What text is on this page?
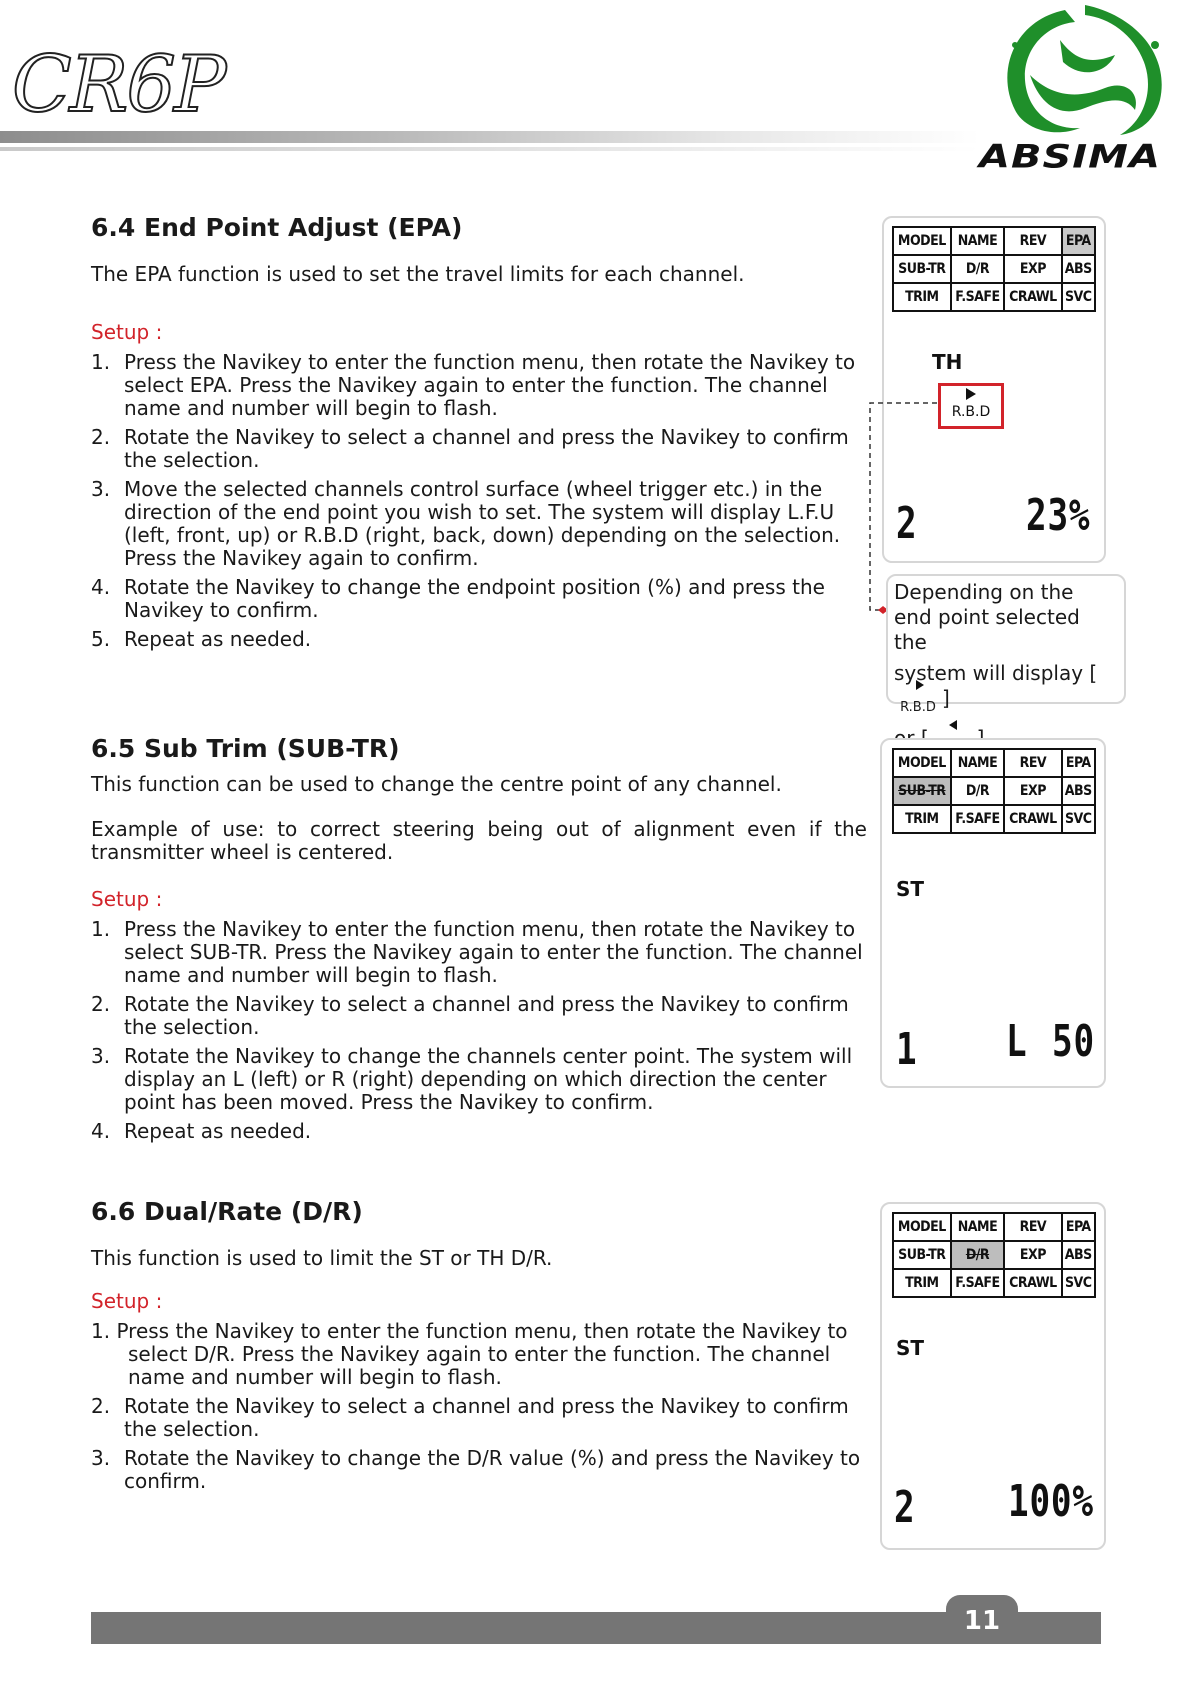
CR6P
ABSIMA
6.4 End Point Adjust (EPA)

The EPA function is used to set the travel limits for each channel.

Setup :
1. Press the Navikey to enter the function menu, then rotate the Navikey to select EPA. Press the Navikey again to enter the function. The channel name and number will begin to flash.
2. Rotate the Navikey to select a channel and press the Navikey to confirm the selection.
3. Move the selected channels control surface (wheel trigger etc.) in the direction of the end point you wish to set. The system will display L.F.U (left, front, up) or R.B.D (right, back, down) depending on the selection. Press the Navikey again to confirm.
4. Rotate the Navikey to change the endpoint position (%) and press the Navikey to confirm.
5. Repeat as needed.
MODEL	NAME	REV	EPA
SUB-TR	D/R	EXP	ABS
TRIM	F.SAFE	CRAWL	SVC
TH
R.B.D
2 23%
Depending on the
end point selected the
system will display [
$_{R.B.D}$ ]
6.5 Sub Trim (SUB-TR)

This function can be used to change the centre point of any channel.

Example of use: to correct steering being out of alignment even if the transmitter wheel is centered.

Setup :
1. Press the Navikey to enter the function menu, then rotate the Navikey to select SUB-TR. Press the Navikey again to enter the function. The channel name and number will begin to flash.
2. Rotate the Navikey to select a channel and press the Navikey to confirm the selection.
3. Rotate the Navikey to change the channels center point. The system will display an L (left) or R (right) depending on which direction the center point has been moved. Press the Navikey to confirm.
4. Repeat as needed.
MODEL	NAME	REV	EPA
SUB-TR	D/R	EXP	ABS
TRIM	F.SAFE	CRAWL	SVC
ST
1 L 50
6.6 Dual/Rate (D/R)

This function is used to limit the ST or TH D/R.

Setup :
1. Press the Navikey to enter the function menu, then rotate the Navikey to select D/R. Press the Navikey again to enter the function. The channel name and number will begin to flash.
2. Rotate the Navikey to select a channel and press the Navikey to confirm the selection.
3. Rotate the Navikey to change the D/R value (%) and press the Navikey to confirm.
MODEL	NAME	REV	EPA
SUB-TR	D/R	EXP	ABS
TRIM	F.SAFE	CRAWL	SVC
ST
2 100%
11
